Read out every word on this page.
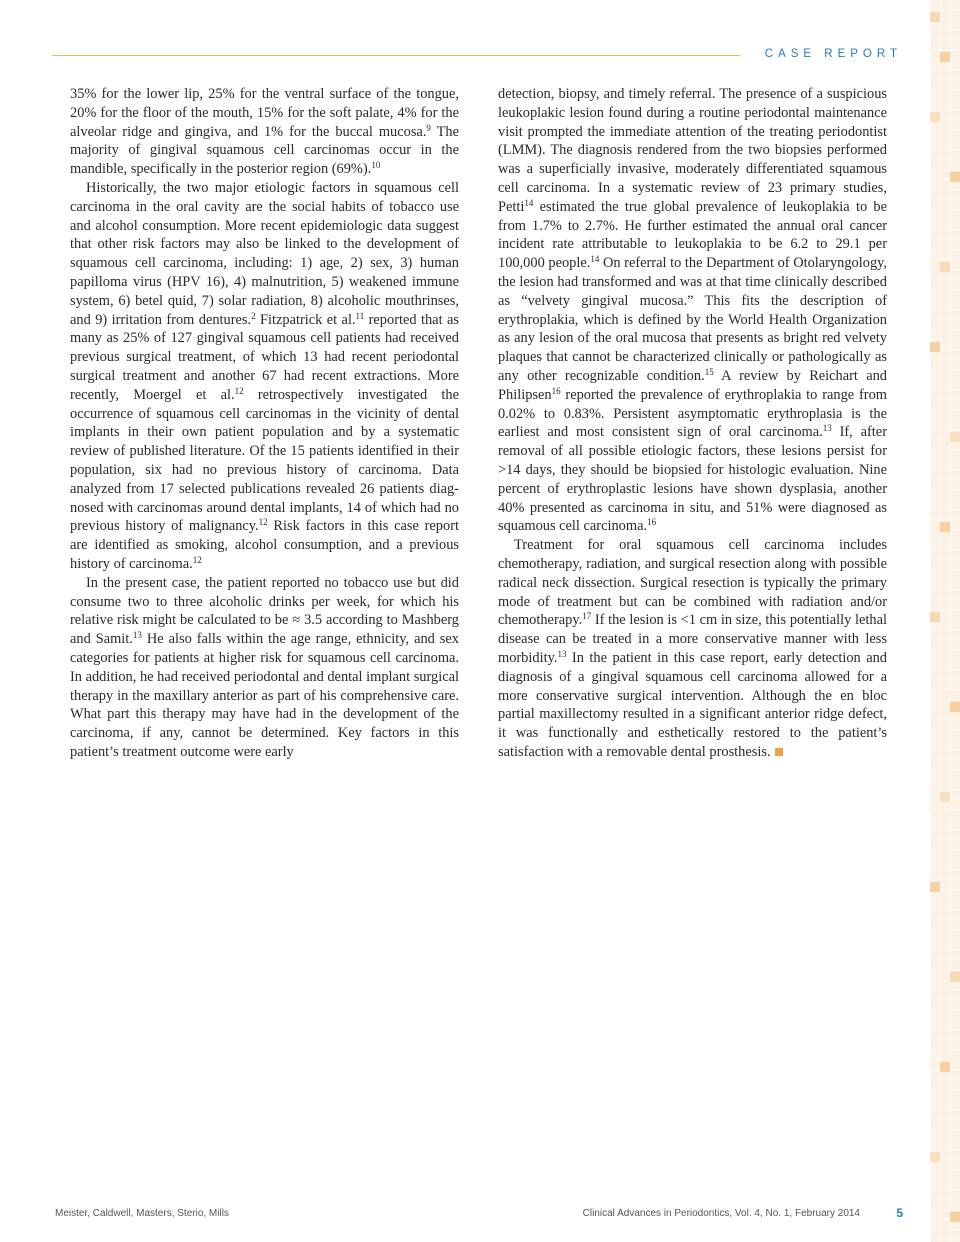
CASE REPORT

35% for the lower lip, 25% for the ventral surface of the tongue, 20% for the floor of the mouth, 15% for the soft palate, 4% for the alveolar ridge and gingiva, and 1% for the buccal mucosa.$^9$ The majority of gingival squamous cell carcinomas occur in the mandible, specifically in the posterior region (69%).$^{10}$

Historically, the two major etiologic factors in squamous cell carcinoma in the oral cavity are the social habits of tobacco use and alcohol consumption. More recent epidemiologic data suggest that other risk factors may also be linked to the development of squamous cell carcinoma, including: 1) age, 2) sex, 3) human papilloma virus (HPV 16), 4) malnutrition, 5) weakened immune system, 6) betel quid, 7) solar radiation, 8) alcoholic mouthrinses, and 9) irritation from dentures.$^2$ Fitzpatrick et al.$^{11}$ reported that as many as 25% of 127 gingival squamous cell patients had received previous surgical treatment, of which 13 had recent periodontal surgical treatment and another 67 had recent extractions. More recently, Moergel et al.$^{12}$ retrospectively investigated the occurrence of squamous cell carcinomas in the vicinity of dental implants in their own patient population and by a systematic review of published literature. Of the 15 patients identified in their population, six had no previous history of carcinoma. Data analyzed from 17 selected publications revealed 26 patients diagnosed with carcinomas around dental implants, 14 of which had no previous history of malignancy.$^{12}$ Risk factors in this case report are identified as smoking, alcohol consumption, and a previous history of carcinoma.$^{12}$

In the present case, the patient reported no tobacco use but did consume two to three alcoholic drinks per week, for which his relative risk might be calculated to be ≈ 3.5 according to Mashberg and Samit.$^{13}$ He also falls within the age range, ethnicity, and sex categories for patients at higher risk for squamous cell carcinoma. In addition, he had received periodontal and dental implant surgical therapy in the maxillary anterior as part of his comprehensive care. What part this therapy may have had in the development of the carcinoma, if any, cannot be determined. Key factors in this patient’s treatment outcome were early

detection, biopsy, and timely referral. The presence of a suspicious leukoplakic lesion found during a routine periodontal maintenance visit prompted the immediate attention of the treating periodontist (LMM). The diagnosis rendered from the two biopsies performed was a superficially invasive, moderately differentiated squamous cell carcinoma. In a systematic review of 23 primary studies, Petti$^{14}$ estimated the true global prevalence of leukoplakia to be from 1.7% to 2.7%. He further estimated the annual oral cancer incident rate attributable to leukoplakia to be 6.2 to 29.1 per 100,000 people.$^{14}$ On referral to the Department of Otolaryngology, the lesion had transformed and was at that time clinically described as “velvety gingival mucosa.” This fits the description of erythroplakia, which is defined by the World Health Organization as any lesion of the oral mucosa that presents as bright red velvety plaques that cannot be characterized clinically or pathologically as any other recognizable condition.$^{15}$ A review by Reichart and Philipsen$^{16}$ reported the prevalence of erythroplakia to range from 0.02% to 0.83%. Persistent asymptomatic erythroplasia is the earliest and most consistent sign of oral carcinoma.$^{13}$ If, after removal of all possible etiologic factors, these lesions persist for >14 days, they should be biopsied for histologic evaluation. Nine percent of erythroplastic lesions have shown dysplasia, another 40% presented as carcinoma in situ, and 51% were diagnosed as squamous cell carcinoma.$^{16}$

Treatment for oral squamous cell carcinoma includes chemotherapy, radiation, and surgical resection along with possible radical neck dissection. Surgical resection is typically the primary mode of treatment but can be combined with radiation and/or chemotherapy.$^{17}$ If the lesion is <1 cm in size, this potentially lethal disease can be treated in a more conservative manner with less morbidity.$^{13}$ In the patient in this case report, early detection and diagnosis of a gingival squamous cell carcinoma allowed for a more conservative surgical intervention. Although the en bloc partial maxillectomy resulted in a significant anterior ridge defect, it was functionally and esthetically restored to the patient’s satisfaction with a removable dental prosthesis.

Meister, Caldwell, Masters, Sterio, Mills	Clinical Advances in Periodontics, Vol. 4, No. 1, February 2014	5
